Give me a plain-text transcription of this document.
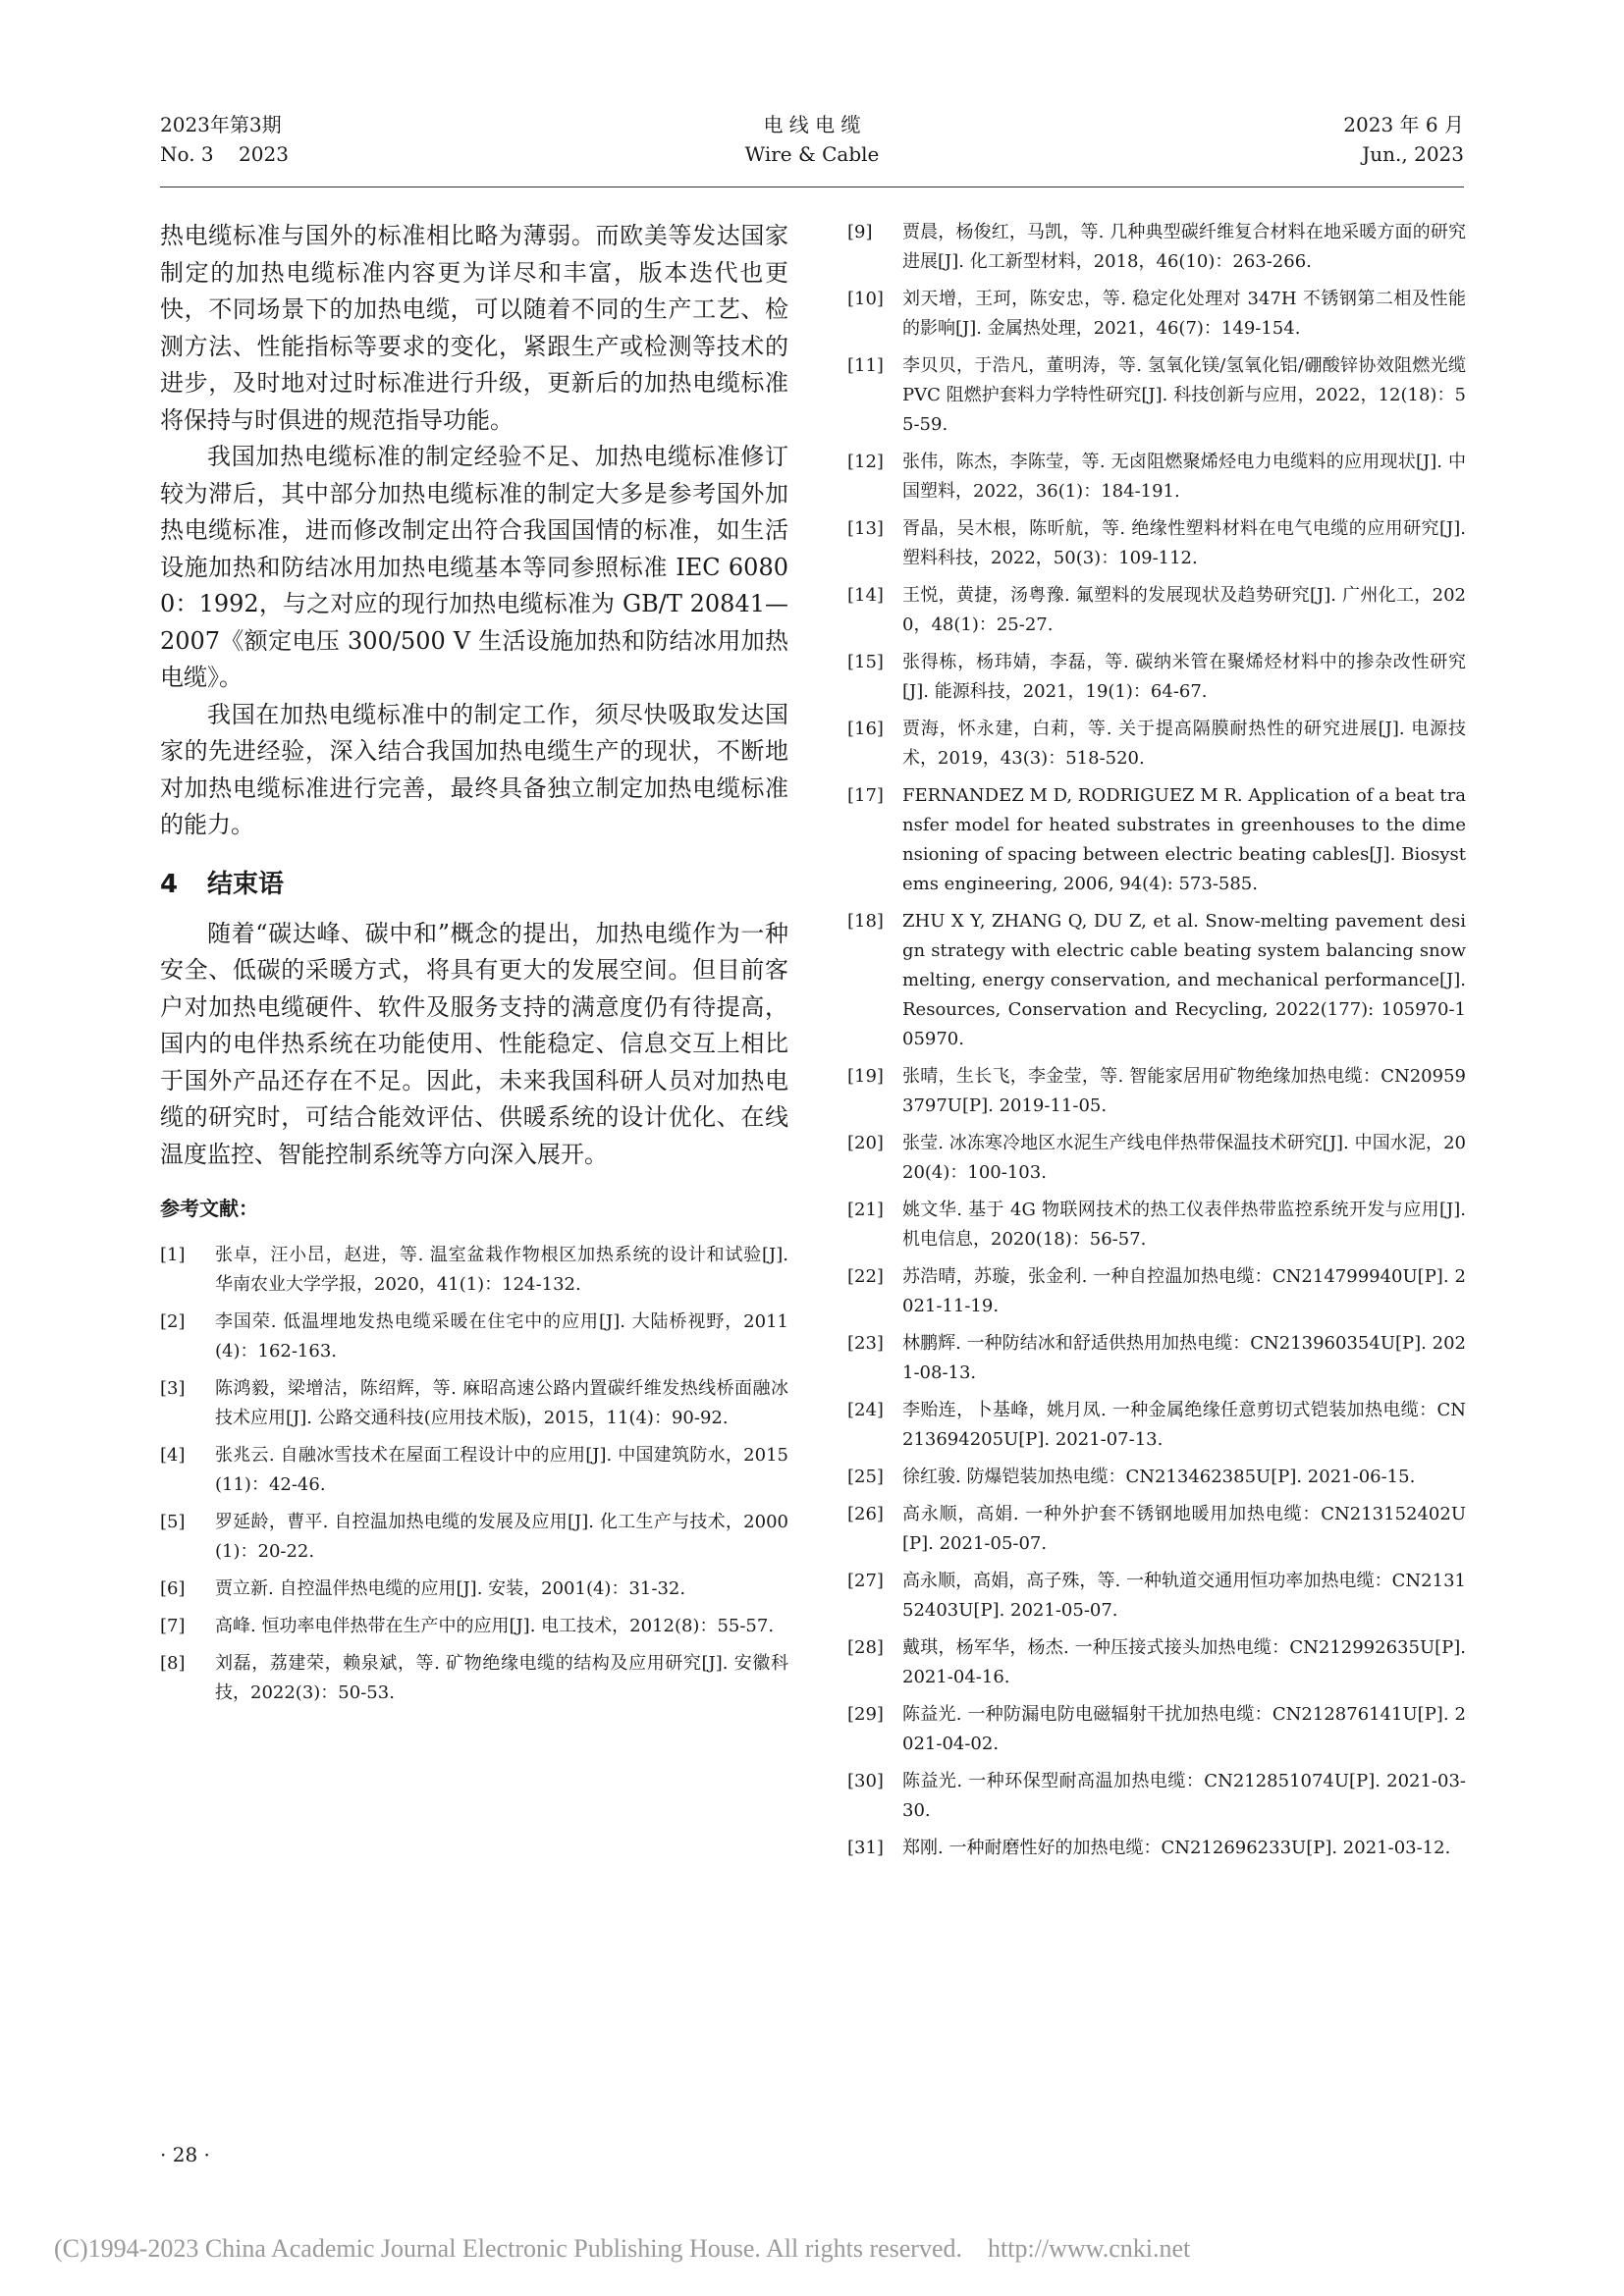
2023年第3期
No. 3    2023
电 线 电 缆
Wire & Cable
2023 年 6 月
Jun., 2023

热电缆标准与国外的标准相比略为薄弱。而欧美等发达国家制定的加热电缆标准内容更为详尽和丰富，版本迭代也更快，不同场景下的加热电缆，可以随着不同的生产工艺、检测方法、性能指标等要求的变化，紧跟生产或检测等技术的进步，及时地对过时标准进行升级，更新后的加热电缆标准将保持与时俱进的规范指导功能。

我国加热电缆标准的制定经验不足、加热电缆标准修订较为滞后，其中部分加热电缆标准的制定大多是参考国外加热电缆标准，进而修改制定出符合我国国情的标准，如生活设施加热和防结冰用加热电缆基本等同参照标准 IEC 60800：1992，与之对应的现行加热电缆标准为 GB/T 20841—2007《额定电压 300/500 V 生活设施加热和防结冰用加热电缆》。

我国在加热电缆标准中的制定工作，须尽快吸取发达国家的先进经验，深入结合我国加热电缆生产的现状，不断地对加热电缆标准进行完善，最终具备独立制定加热电缆标准的能力。

4 结束语

随着“碳达峰、碳中和”概念的提出，加热电缆作为一种安全、低碳的采暖方式，将具有更大的发展空间。但目前客户对加热电缆硬件、软件及服务支持的满意度仍有待提高，国内的电伴热系统在功能使用、性能稳定、信息交互上相比于国外产品还存在不足。因此，未来我国科研人员对加热电缆的研究时，可结合能效评估、供暖系统的设计优化、在线温度监控、智能控制系统等方向深入展开。

参考文献：
[1]	张卓，汪小旵，赵进，等. 温室盆栽作物根区加热系统的设计和试验[J]. 华南农业大学学报，2020，41(1)：124-132.
[2]	李国荣. 低温埋地发热电缆采暖在住宅中的应用[J]. 大陆桥视野，2011(4)：162-163.
[3]	陈鸿毅，梁增洁，陈绍辉，等. 麻昭高速公路内置碳纤维发热线桥面融冰技术应用[J]. 公路交通科技(应用技术版)，2015，11(4)：90-92.
[4]	张兆云. 自融冰雪技术在屋面工程设计中的应用[J]. 中国建筑防水，2015(11)：42-46.
[5]	罗延龄，曹平. 自控温加热电缆的发展及应用[J]. 化工生产与技术，2000(1)：20-22.
[6]	贾立新. 自控温伴热电缆的应用[J]. 安装，2001(4)：31-32.
[7]	高峰. 恒功率电伴热带在生产中的应用[J]. 电工技术，2012(8)：55-57.
[8]	刘磊，荔建荣，赖泉斌，等. 矿物绝缘电缆的结构及应用研究[J]. 安徽科技，2022(3)：50-53.
[9]	贾晨，杨俊红，马凯，等. 几种典型碳纤维复合材料在地采暖方面的研究进展[J]. 化工新型材料，2018，46(10)：263-266.
[10]	刘天增，王珂，陈安忠，等. 稳定化处理对 347H 不锈钢第二相及性能的影响[J]. 金属热处理，2021，46(7)：149-154.
[11]	李贝贝，于浩凡，董明涛，等. 氢氧化镁/氢氧化铝/硼酸锌协效阻燃光缆 PVC 阻燃护套料力学特性研究[J]. 科技创新与应用，2022，12(18)：55-59.
[12]	张伟，陈杰，李陈莹，等. 无卤阻燃聚烯烃电力电缆料的应用现状[J]. 中国塑料，2022，36(1)：184-191.
[13]	胥晶，吴木根，陈昕航，等. 绝缘性塑料材料在电气电缆的应用研究[J]. 塑料科技，2022，50(3)：109-112.
[14]	王悦，黄捷，汤粤豫. 氟塑料的发展现状及趋势研究[J]. 广州化工，2020，48(1)：25-27.
[15]	张得栋，杨玮婧，李磊，等. 碳纳米管在聚烯烃材料中的掺杂改性研究[J]. 能源科技，2021，19(1)：64-67.
[16]	贾海，怀永建，白莉，等. 关于提高隔膜耐热性的研究进展[J]. 电源技术，2019，43(3)：518-520.
[17]	FERNANDEZ M D, RODRIGUEZ M R. Application of a beat transfer model for heated substrates in greenhouses to the dimensioning of spacing between electric beating cables[J]. Biosystems engineering, 2006, 94(4): 573-585.
[18]	ZHU X Y, ZHANG Q, DU Z, et al. Snow-melting pavement design strategy with electric cable beating system balancing snow melting, energy conservation, and mechanical performance[J]. Resources, Conservation and Recycling, 2022(177): 105970-105970.
[19]	张晴，生长飞，李金莹，等. 智能家居用矿物绝缘加热电缆：CN209593797U[P]. 2019-11-05.
[20]	张莹. 冰冻寒冷地区水泥生产线电伴热带保温技术研究[J]. 中国水泥，2020(4)：100-103.
[21]	姚文华. 基于 4G 物联网技术的热工仪表伴热带监控系统开发与应用[J]. 机电信息，2020(18)：56-57.
[22]	苏浩晴，苏璇，张金利. 一种自控温加热电缆：CN214799940U[P]. 2021-11-19.
[23]	林鹏辉. 一种防结冰和舒适供热用加热电缆：CN213960354U[P]. 2021-08-13.
[24]	李贻连，卜基峰，姚月凤. 一种金属绝缘任意剪切式铠装加热电缆：CN213694205U[P]. 2021-07-13.
[25]	徐红骏. 防爆铠装加热电缆：CN213462385U[P]. 2021-06-15.
[26]	高永顺，高娟. 一种外护套不锈钢地暖用加热电缆：CN213152402U[P]. 2021-05-07.
[27]	高永顺，高娟，高子殊，等. 一种轨道交通用恒功率加热电缆：CN213152403U[P]. 2021-05-07.
[28]	戴琪，杨军华，杨杰. 一种压接式接头加热电缆：CN212992635U[P]. 2021-04-16.
[29]	陈益光. 一种防漏电防电磁辐射干扰加热电缆：CN212876141U[P]. 2021-04-02.
[30]	陈益光. 一种环保型耐高温加热电缆：CN212851074U[P]. 2021-03-30.
[31]	郑刚. 一种耐磨性好的加热电缆：CN212696233U[P]. 2021-03-12.
· 28 ·
(C)1994-2023 China Academic Journal Electronic Publishing House. All rights reserved.    http://www.cnki.net
